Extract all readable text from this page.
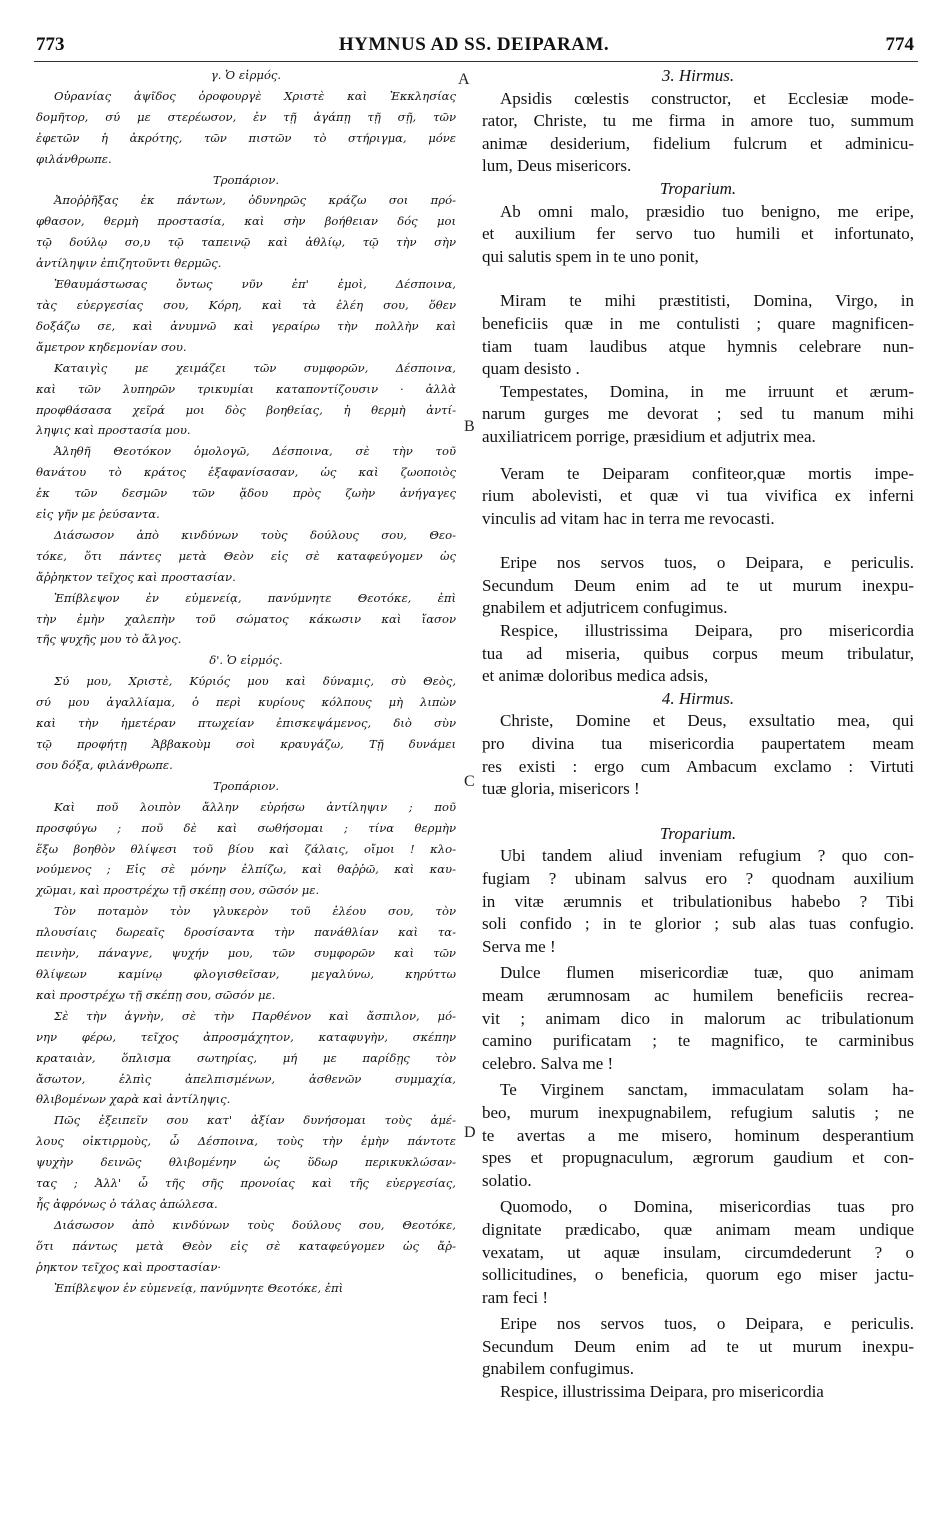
773	HYMNUS AD SS. DEIPARAM.	774
A
B
C
D
γ. Ὁ εἱρμός.
Οὐρανίας ἁψῖδος ὀροφουργὲ Χριστὲ καὶ Ἐκκλησίας
δομῆτορ, σύ με στερέωσον, ἐν τῇ ἀγάπῃ τῇ σῇ, τῶν
ἐφετῶν ἡ ἀκρότης, τῶν πιστῶν τὸ στήριγμα, μόνε
φιλάνθρωπε.
Τροπάριον.
Ἀποῤῥῆξας ἐκ πάντων, ὀδυνηρῶς κράζω σοι πρό-
φθασον, θερμὴ προστασία, καὶ σὴν βοήθειαν δός μοι
τῷ δούλῳ σο,υ τῷ ταπεινῷ καὶ ἀθλίῳ, τῷ τὴν σὴν
ἀντίληψιν ἐπιζητοῦντι θερμῶς.
Ἐθαυμάστωσας ὄντως νῦν ἐπ' ἐμοὶ, Δέσποινα,
τὰς εὐεργεσίας σου, Κόρη, καὶ τὰ ἐλέη σου, ὅθεν
δοξάζω σε, καὶ ἀνυμνῶ καὶ γεραίρω τὴν πολλὴν καὶ
ἄμετρον κηδεμονίαν σου.
Καταιγὶς με χειμάζει τῶν συμφορῶν, Δέσποινα,
καὶ τῶν λυπηρῶν τρικυμίαι καταποντίζουσιν · ἀλλὰ
προφθάσασα χεῖρά μοι δὸς βοηθείας, ἡ θερμὴ ἀντί-
ληψις καὶ προστασία μου.
Ἀληθῆ Θεοτόκον ὁμολογῶ, Δέσποινα, σὲ τὴν τοῦ
θανάτου τὸ κράτος ἐξαφανίσασαν, ὡς καὶ ζωοποιὸς
ἐκ τῶν δεσμῶν τῶν ᾅδου πρὸς ζωὴν ἀνήγαγες
εἰς γῆν με ῥεύσαντα.
Διάσωσον ἀπὸ κινδύνων τοὺς δούλους σου, Θεο-
τόκε, ὅτι πάντες μετὰ Θεὸν εἰς σὲ καταφεύγομεν ὡς
ἄῤῥηκτον τεῖχος καὶ προστασίαν.
Ἐπίβλεψον ἐν εὐμενείᾳ, πανύμνητε Θεοτόκε, ἐπὶ
τὴν ἐμὴν χαλεπὴν τοῦ σώματος κάκωσιν καὶ ἴασον
τῆς ψυχῆς μου τὸ ἄλγος.
δ'. Ὁ εἱρμός.
Σύ μου, Χριστὲ, Κύριός μου καὶ δύναμις, σὺ Θεὸς,
σύ μου ἀγαλλίαμα, ὁ περὶ κυρίους κόλπους μὴ λιπὼν
καὶ τὴν ἡμετέραν πτωχείαν ἐπισκεψάμενος, διὸ σὺν
τῷ προφήτῃ Ἀββακοὺμ σοὶ κραυγάζω, Τῇ δυνάμει
σου δόξα, φιλάνθρωπε.
Τροπάριον.
Καὶ ποῦ λοιπὸν ἄλλην εὑρήσω ἀντίληψιν ; ποῦ
προσφύγω ; ποῦ δὲ καὶ σωθήσομαι ; τίνα θερμὴν
ἕξω βοηθὸν θλίψεσι τοῦ βίου καὶ ζάλαις, οἴμοι ! κλο-
νούμενος ; Εἰς σὲ μόνην ἐλπίζω, καὶ θαῤῥῶ, καὶ καυ-
χῶμαι, καὶ προστρέχω τῇ σκέπῃ σου, σῶσόν με.
Τὸν ποταμὸν τὸν γλυκερὸν τοῦ ἐλέου σου, τὸν
πλουσίαις δωρεαῖς δροσίσαντα τὴν πανάθλίαν καὶ τα-
πεινὴν, πάναγνε, ψυχήν μου, τῶν συμφορῶν καὶ τῶν
θλίψεων καμίνῳ φλογισθεῖσαν, μεγαλύνω, κηρύττω
καὶ προστρέχω τῇ σκέπῃ σου, σῶσόν με.
Σὲ τὴν ἁγνὴν, σὲ τὴν Παρθένον καὶ ἄσπιλον, μό-
νην φέρω, τεῖχος ἀπροσμάχητον, καταφυγὴν, σκέπην
κραταιὰν, ὅπλισμα σωτηρίας, μή με παρίδῃς τὸν
ἄσωτον, ἐλπὶς ἀπελπισμένων, ἀσθενῶν συμμαχία,
θλιβομένων χαρὰ καὶ ἀντίληψις.
Πῶς ἐξειπεῖν σου κατ' ἀξίαν δυνήσομαι τοὺς ἀμέ-
λους οἰκτιρμοὺς, ὦ Δέσποινα, τοὺς τὴν ἐμὴν πάντοτε
ψυχὴν δεινῶς θλιβομένην ὡς ὕδωρ περικυκλώσαν-
τας ; Ἀλλ' ὦ τῆς σῆς προνοίας καὶ τῆς εὐεργεσίας,
ἧς ἀφρόνως ὁ τάλας ἀπώλεσα.
Διάσωσον ἀπὸ κινδύνων τοὺς δούλους σου, Θεοτόκε,
ὅτι πάντως μετὰ Θεὸν εἰς σὲ καταφεύγομεν ὡς ἄῤ-
ῥηκτον τεῖχος καὶ προστασίαν·
Ἐπίβλεψον ἐν εὐμενείᾳ, πανύμνητε Θεοτόκε, ἐπὶ
3. Hirmus.
Apsidis cœlestis constructor, et Ecclesiæ mode-
rator, Christe, tu me firma in amore tuo, summum
animæ desiderium, fidelium fulcrum et adminicu-
lum, Deus misericors.
Troparium.
Ab omni malo, præsidio tuo benigno, me eripe,
et auxilium fer servo tuo humili et infortunato,
qui salutis spem in te uno ponit,
Miram te mihi præstitisti, Domina, Virgo, in
beneficiis quæ in me contulisti ; quare magnificen-
tiam tuam laudibus atque hymnis celebrare nun-
quam desisto .
Tempestates, Domina, in me irruunt et ærum-
narum gurges me devorat ; sed tu manum mihi
auxiliatricem porrige, præsidium et adjutrix mea.
Veram te Deiparam confiteor,quæ mortis impe-
rium abolevisti, et quæ vi tua vivifica ex inferni
vinculis ad vitam hac in terra me revocasti.
Eripe nos servos tuos, o Deipara, e periculis.
Secundum Deum enim ad te ut murum inexpu-
gnabilem et adjutricem confugimus.
Respice, illustrissima Deipara, pro misericordia
tua ad miseria, quibus corpus meum tribulatur,
et animæ doloribus medica adsis,
4. Hirmus.
Christe, Domine et Deus, exsultatio mea, qui
pro divina tua misericordia paupertatem meam
res existi : ergo cum Ambacum exclamo : Virtuti
tuæ gloria, misericors !
Troparium.
Ubi tandem aliud inveniam refugium ? quo con-
fugiam ? ubinam salvus ero ? quodnam auxilium
in vitæ ærumnis et tribulationibus habebo ? Tibi
soli confido ; in te glorior ; sub alas tuas confugio.
Serva me !
Dulce flumen misericordiæ tuæ, quo animam
meam ærumnosam ac humilem beneficiis recrea-
vit ; animam dico in malorum ac tribulationum
camino purificatam ; te magnifico, te carminibus
celebro. Salva me !
Te Virginem sanctam, immaculatam solam ha-
beo, murum inexpugnabilem, refugium salutis ; ne
te avertas a me misero, hominum desperantium
spes et propugnaculum, ægrorum gaudium et con-
solatio.
Quomodo, o Domina, misericordias tuas pro
dignitate prædicabo, quæ animam meam undique
vexatam, ut aquæ insulam, circumdederunt ? o
sollicitudines, o beneficia, quorum ego miser jactu-
ram feci !
Eripe nos servos tuos, o Deipara, e periculis.
Secundum Deum enim ad te ut murum inexpu-
gnabilem confugimus.
Respice, illustrissima Deipara, pro misericordia
